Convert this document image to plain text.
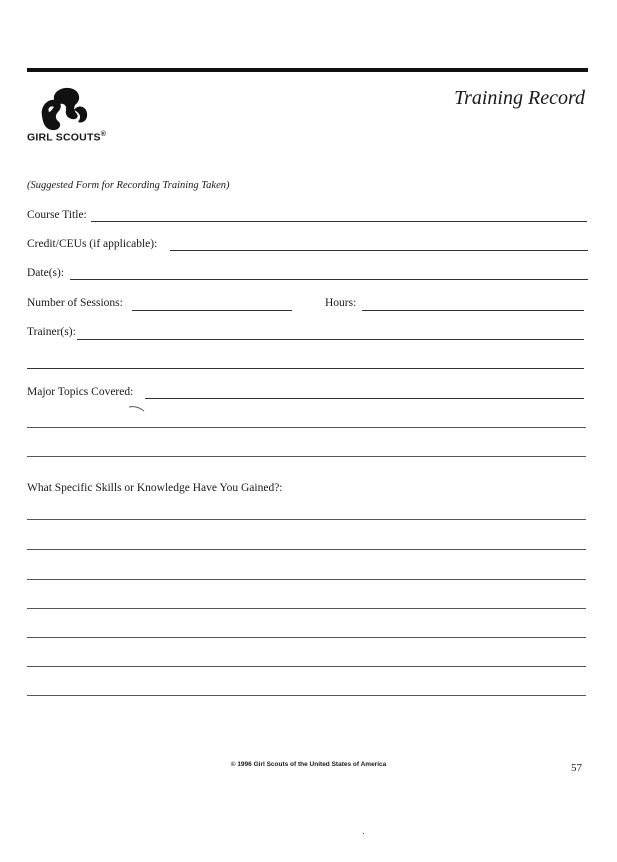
GIRL SCOUTS®
Training Record
(Suggested Form for Recording Training Taken)
Course Title:
Credit/CEUs (if applicable):
Date(s):
Number of Sessions:	Hours:
Trainer(s):
Major Topics Covered:
What Specific Skills or Knowledge Have You Gained?:
© 1996 Girl Scouts of the United States of America	57
